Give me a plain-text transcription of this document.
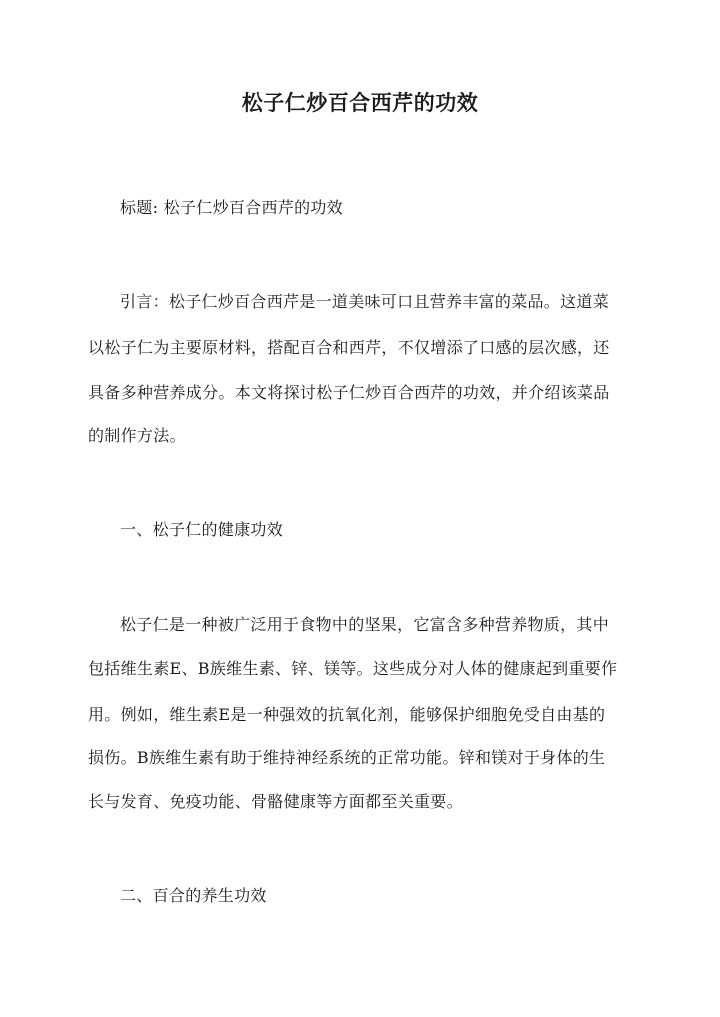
松子仁炒百合西芹的功效

标题: 松子仁炒百合西芹的功效

引言：松子仁炒百合西芹是一道美味可口且营养丰富的菜品。这道菜

以松子仁为主要原材料，搭配百合和西芹，不仅增添了口感的层次感，还

具备多种营养成分。本文将探讨松子仁炒百合西芹的功效，并介绍该菜品

的制作方法。

一、松子仁的健康功效

松子仁是一种被广泛用于食物中的坚果，它富含多种营养物质，其中

包括维生素E、B族维生素、锌、镁等。这些成分对人体的健康起到重要作

用。例如，维生素E是一种强效的抗氧化剂，能够保护细胞免受自由基的

损伤。B族维生素有助于维持神经系统的正常功能。锌和镁对于身体的生

长与发育、免疫功能、骨骼健康等方面都至关重要。

二、百合的养生功效
